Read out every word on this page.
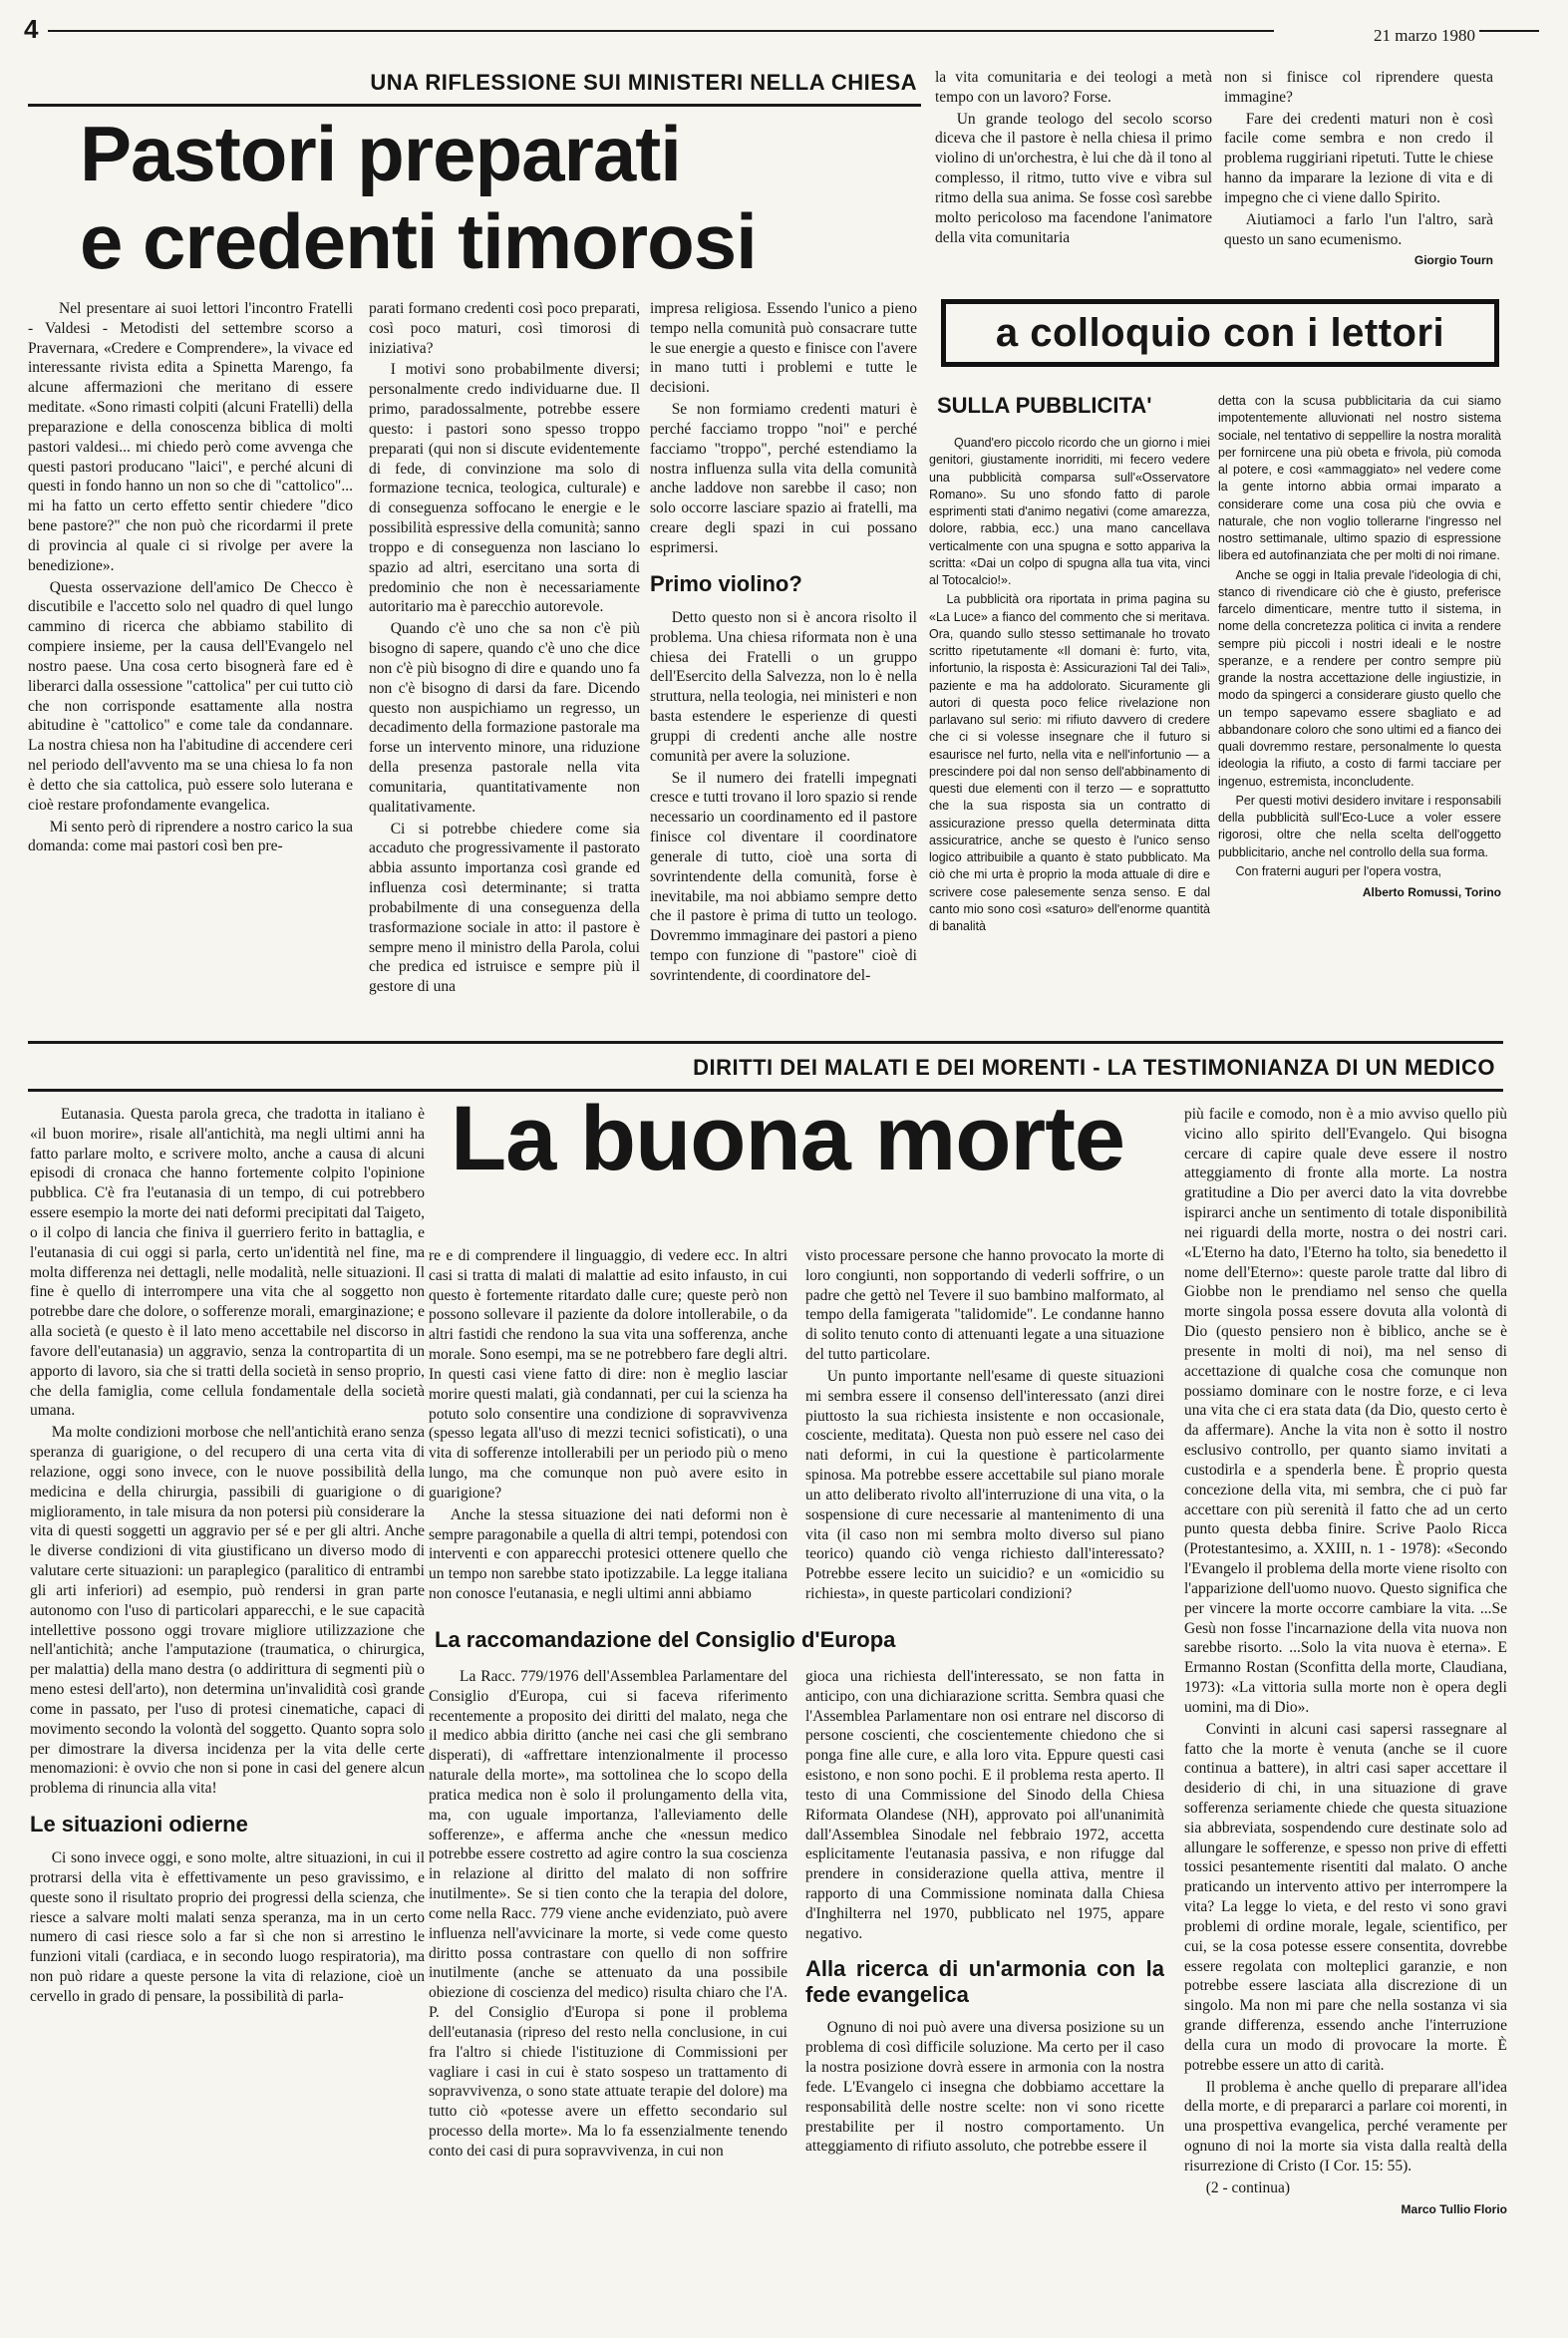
4	21 marzo 1980
UNA RIFLESSIONE SUI MINISTERI NELLA CHIESA
Pastori preparati
e credenti timorosi

Nel presentare ai suoi lettori l'incontro Fratelli - Valdesi - Metodisti del settembre scorso a Pravernara, «Credere e Comprendere», la vivace ed interessante rivista edita a Spinetta Marengo, fa alcune affermazioni che meritano di essere meditate. «Sono rimasti colpiti (alcuni Fratelli) della preparazione e della conoscenza biblica di molti pastori valdesi... mi chiedo però come avvenga che questi pastori producano "laici", e perché alcuni di questi in fondo hanno un non so che di "cattolico"... mi ha fatto un certo effetto sentir chiedere "dico bene pastore?" che non può che ricordarmi il prete di provincia al quale ci si rivolge per avere la benedizione».

Questa osservazione dell'amico De Checco è discutibile e l'accetto solo nel quadro di quel lungo cammino di ricerca che abbiamo stabilito di compiere insieme, per la causa dell'Evangelo nel nostro paese. Una cosa certo bisognerà fare ed è liberarci dalla ossessione "cattolica" per cui tutto ciò che non corrisponde esattamente alla nostra abitudine è "cattolico" e come tale da condannare. La nostra chiesa non ha l'abitudine di accendere ceri nel periodo dell'avvento ma se una chiesa lo fa non è detto che sia cattolica, può essere solo luterana e cioè restare profondamente evangelica.

Mi sento però di riprendere a nostro carico la sua domanda: come mai pastori così ben pre-

parati formano credenti così poco preparati, così poco maturi, così timorosi di iniziativa?

I motivi sono probabilmente diversi; personalmente credo individuarne due. Il primo, paradossalmente, potrebbe essere questo: i pastori sono spesso troppo preparati (qui non si discute evidentemente di fede, di convinzione ma solo di formazione tecnica, teologica, culturale) e di conseguenza soffocano le energie e le possibilità espressive della comunità; sanno troppo e di conseguenza non lasciano lo spazio ad altri, esercitano una sorta di predominio che non è necessariamente autoritario ma è parecchio autorevole.

Quando c'è uno che sa non c'è più bisogno di sapere, quando c'è uno che dice non c'è più bisogno di dire e quando uno fa non c'è bisogno di darsi da fare. Dicendo questo non auspichiamo un regresso, un decadimento della formazione pastorale ma forse un intervento minore, una riduzione della presenza pastorale nella vita comunitaria, quantitativamente non qualitativamente.

Ci si potrebbe chiedere come sia accaduto che progressivamente il pastorato abbia assunto importanza così grande ed influenza così determinante; si tratta probabilmente di una conseguenza della trasformazione sociale in atto: il pastore è sempre meno il ministro della Parola, colui che predica ed istruisce e sempre più il gestore di una

impresa religiosa. Essendo l'unico a pieno tempo nella comunità può consacrare tutte le sue energie a questo e finisce con l'avere in mano tutti i problemi e tutte le decisioni.

Se non formiamo credenti maturi è perché facciamo troppo "noi" e perché facciamo "troppo", perché estendiamo la nostra influenza sulla vita della comunità anche laddove non sarebbe il caso; non solo occorre lasciare spazio ai fratelli, ma creare degli spazi in cui possano esprimersi.

Primo violino?

Detto questo non si è ancora risolto il problema. Una chiesa riformata non è una chiesa dei Fratelli o un gruppo dell'Esercito della Salvezza, non lo è nella struttura, nella teologia, nei ministeri e non basta estendere le esperienze di questi gruppi di credenti anche alle nostre comunità per avere la soluzione.

Se il numero dei fratelli impegnati cresce e tutti trovano il loro spazio si rende necessario un coordinamento ed il pastore finisce col diventare il coordinatore generale di tutto, cioè una sorta di sovrintendente della comunità, forse è inevitabile, ma noi abbiamo sempre detto che il pastore è prima di tutto un teologo. Dovremmo immaginare dei pastori a pieno tempo con funzione di "pastore" cioè di sovrintendente, di coordinatore del-

la vita comunitaria e dei teologi a metà tempo con un lavoro? Forse.

Un grande teologo del secolo scorso diceva che il pastore è nella chiesa il primo violino di un'orchestra, è lui che dà il tono al complesso, il ritmo, tutto vive e vibra sul ritmo della sua anima. Se fosse così sarebbe molto pericoloso ma facendone l'animatore della vita comunitaria

non si finisce col riprendere questa immagine?

Fare dei credenti maturi non è così facile come sembra e non credo il problema ruggiriani ripetuti. Tutte le chiese hanno da imparare la lezione di vita e di impegno che ci viene dallo Spirito.

Aiutiamoci a farlo l'un l'altro, sarà questo un sano ecumenismo.

Giorgio Tourn
a colloquio con i lettori
SULLA PUBBLICITA'

Quand'ero piccolo ricordo che un giorno i miei genitori, giustamente inorriditi, mi fecero vedere una pubblicità comparsa sull'«Osservatore Romano». Su uno sfondo fatto di parole esprimenti stati d'animo negativi (come amarezza, dolore, rabbia, ecc.) una mano cancellava verticalmente con una spugna e sotto appariva la scritta: «Dai un colpo di spugna alla tua vita, vinci al Totocalcio!».

La pubblicità ora riportata in prima pagina su «La Luce» a fianco del commento che si meritava. Ora, quando sullo stesso settimanale ho trovato scritto ripetutamente «Il domani è: furto, vita, infortunio, la risposta è: Assicurazioni Tal dei Tali», paziente e ma ha addolorato. Sicuramente gli autori di questa poco felice rivelazione non parlavano sul serio: mi rifiuto davvero di credere che ci si volesse insegnare che il futuro si esaurisce nel furto, nella vita e nell'infortunio — a prescindere poi dal non senso dell'abbinamento di questi due elementi con il terzo — e soprattutto che la sua risposta sia un contratto di assicurazione presso quella determinata ditta assicuratrice, anche se questo è l'unico senso logico attribuibile a quanto è stato pubblicato. Ma ciò che mi urta è proprio la moda attuale di dire e scrivere cose palesemente senza senso. E dal canto mio sono così «saturo» dell'enorme quantità di banalità

detta con la scusa pubblicitaria da cui siamo impotentemente alluvionati nel nostro sistema sociale, nel tentativo di seppellire la nostra moralità per fornircene una più obeta e frivola, più comoda al potere, e così «ammaggiato» nel vedere come la gente intorno abbia ormai imparato a considerare come una cosa più che ovvia e naturale, che non voglio tollerarne l'ingresso nel nostro settimanale, ultimo spazio di espressione libera ed autofinanziata che per molti di noi rimane.

Anche se oggi in Italia prevale l'ideologia di chi, stanco di rivendicare ciò che è giusto, preferisce farcelo dimenticare, mentre tutto il sistema, in nome della concretezza politica ci invita a rendere sempre più piccoli i nostri ideali e le nostre speranze, e a rendere per contro sempre più grande la nostra accettazione delle ingiustizie, in modo da spingerci a considerare giusto quello che un tempo sapevamo essere sbagliato e ad abbandonare coloro che sono ultimi ed a fianco dei quali dovremmo restare, personalmente lo questa ideologia la rifiuto, a costo di farmi tacciare per ingenuo, estremista, inconcludente.

Per questi motivi desidero invitare i responsabili della pubblicità sull'Eco-Luce a voler essere rigorosi, oltre che nella scelta dell'oggetto pubblicitario, anche nel controllo della sua forma.

Con fraterni auguri per l'opera vostra,

Alberto Romussi, Torino
DIRITTI DEI MALATI E DEI MORENTI - LA TESTIMONIANZA DI UN MEDICO
La buona morte

Eutanasia. Questa parola greca, che tradotta in italiano è «il buon morire», risale all'antichità, ma negli ultimi anni ha fatto parlare molto, e scrivere molto, anche a causa di alcuni episodi di cronaca che hanno fortemente colpito l'opinione pubblica. C'è fra l'eutanasia di un tempo, di cui potrebbero essere esempio la morte dei nati deformi precipitati dal Taigeto, o il colpo di lancia che finiva il guerriero ferito in battaglia, e l'eutanasia di cui oggi si parla, certo un'identità nel fine, ma molta differenza nei dettagli, nelle modalità, nelle situazioni. Il fine è quello di interrompere una vita che al soggetto non potrebbe dare che dolore, o sofferenze morali, emarginazione; e alla società (e questo è il lato meno accettabile nel discorso in favore dell'eutanasia) un aggravio, senza la contropartita di un apporto di lavoro, sia che si tratti della società in senso proprio, che della famiglia, come cellula fondamentale della società umana.

Ma molte condizioni morbose che nell'antichità erano senza speranza di guarigione, o del recupero di una certa vita di relazione, oggi sono invece, con le nuove possibilità della medicina e della chirurgia, passibili di guarigione o di miglioramento, in tale misura da non potersi più considerare la vita di questi soggetti un aggravio per sé e per gli altri. Anche le diverse condizioni di vita giustificano un diverso modo di valutare certe situazioni: un paraplegico (paralitico di entrambi gli arti inferiori) ad esempio, può rendersi in gran parte autonomo con l'uso di particolari apparecchi, e le sue capacità intellettive possono oggi trovare migliore utilizzazione che nell'antichità; anche l'amputazione (traumatica, o chirurgica, per malattia) della mano destra (o addirittura di segmenti più o meno estesi dell'arto), non determina un'invalidità così grande come in passato, per l'uso di protesi cinematiche, capaci di movimento secondo la volontà del soggetto. Quanto sopra solo per dimostrare la diversa incidenza per la vita delle certe menomazioni: è ovvio che non si pone in casi del genere alcun problema di rinuncia alla vita!

Le situazioni odierne

Ci sono invece oggi, e sono molte, altre situazioni, in cui il protrarsi della vita è effettivamente un peso gravissimo, e queste sono il risultato proprio dei progressi della scienza, che riesce a salvare molti malati senza speranza, ma in un certo numero di casi riesce solo a far sì che non si arrestino le funzioni vitali (cardiaca, e in secondo luogo respiratoria), ma non può ridare a queste persone la vita di relazione, cioè un cervello in grado di pensare, la possibilità di parla-

re e di comprendere il linguaggio, di vedere ecc. In altri casi si tratta di malati di malattie ad esito infausto, in cui questo è fortemente ritardato dalle cure; queste però non possono sollevare il paziente da dolore intollerabile, o da altri fastidi che rendono la sua vita una sofferenza, anche morale. Sono esempi, ma se ne potrebbero fare degli altri. In questi casi viene fatto di dire: non è meglio lasciar morire questi malati, già condannati, per cui la scienza ha potuto solo consentire una condizione di sopravvivenza (spesso legata all'uso di mezzi tecnici sofisticati), o una vita di sofferenze intollerabili per un periodo più o meno lungo, ma che comunque non può avere esito in guarigione?

Anche la stessa situazione dei nati deformi non è sempre paragonabile a quella di altri tempi, potendosi con interventi e con apparecchi protesici ottenere quello che un tempo non sarebbe stato ipotizzabile. La legge italiana non conosce l'eutanasia, e negli ultimi anni abbiamo

visto processare persone che hanno provocato la morte di loro congiunti, non sopportando di vederli soffrire, o un padre che gettò nel Tevere il suo bambino malformato, al tempo della famigerata "talidomide". Le condanne hanno di solito tenuto conto di attenuanti legate a una situazione del tutto particolare.

Un punto importante nell'esame di queste situazioni mi sembra essere il consenso dell'interessato (anzi direi piuttosto la sua richiesta insistente e non occasionale, cosciente, meditata). Questa non può essere nel caso dei nati deformi, in cui la questione è particolarmente spinosa. Ma potrebbe essere accettabile sul piano morale un atto deliberato rivolto all'interruzione di una vita, o la sospensione di cure necessarie al mantenimento di una vita (il caso non mi sembra molto diverso sul piano teorico) quando ciò venga richiesto dall'interessato? Potrebbe essere lecito un suicidio? e un «omicidio su richiesta», in queste particolari condizioni?

La raccomandazione del Consiglio d'Europa

La Racc. 779/1976 dell'Assemblea Parlamentare del Consiglio d'Europa, cui si faceva riferimento recentemente a proposito dei diritti del malato, nega che il medico abbia diritto (anche nei casi che gli sembrano disperati), di «affrettare intenzionalmente il processo naturale della morte», ma sottolinea che lo scopo della pratica medica non è solo il prolungamento della vita, ma, con uguale importanza, l'alleviamento delle sofferenze», e afferma anche che «nessun medico potrebbe essere costretto ad agire contro la sua coscienza in relazione al diritto del malato di non soffrire inutilmente». Se si tien conto che la terapia del dolore, come nella Racc. 779 viene anche evidenziato, può avere influenza nell'avvicinare la morte, si vede come questo diritto possa contrastare con quello di non soffrire inutilmente (anche se attenuato da una possibile obiezione di coscienza del medico) risulta chiaro che l'A. P. del Consiglio d'Europa si pone il problema dell'eutanasia (ripreso del resto nella conclusione, in cui fra l'altro si chiede l'istituzione di Commissioni per vagliare i casi in cui è stato sospeso un trattamento di sopravvivenza, o sono state attuate terapie del dolore) ma tutto ciò «potesse avere un effetto secondario sul processo della morte». Ma lo fa essenzialmente tenendo conto dei casi di pura sopravvivenza, in cui non

gioca una richiesta dell'interessato, se non fatta in anticipo, con una dichiarazione scritta. Sembra quasi che l'Assemblea Parlamentare non osi entrare nel discorso di persone coscienti, che coscientemente chiedono che si ponga fine alle cure, e alla loro vita. Eppure questi casi esistono, e non sono pochi. E il problema resta aperto. Il testo di una Commissione del Sinodo della Chiesa Riformata Olandese (NH), approvato poi all'unanimità dall'Assemblea Sinodale nel febbraio 1972, accetta esplicitamente l'eutanasia passiva, e non rifugge dal prendere in considerazione quella attiva, mentre il rapporto di una Commissione nominata dalla Chiesa d'Inghilterra nel 1970, pubblicato nel 1975, appare negativo.

Alla ricerca di un'armonia con la fede evangelica

Ognuno di noi può avere una diversa posizione su un problema di così difficile soluzione. Ma certo per il caso la nostra posizione dovrà essere in armonia con la nostra fede. L'Evangelo ci insegna che dobbiamo accettare la responsabilità delle nostre scelte: non vi sono ricette prestabilite per il nostro comportamento. Un atteggiamento di rifiuto assoluto, che potrebbe essere il

più facile e comodo, non è a mio avviso quello più vicino allo spirito dell'Evangelo. Qui bisogna cercare di capire quale deve essere il nostro atteggiamento di fronte alla morte. La nostra gratitudine a Dio per averci dato la vita dovrebbe ispirarci anche un sentimento di totale disponibilità nei riguardi della morte, nostra o dei nostri cari. «L'Eterno ha dato, l'Eterno ha tolto, sia benedetto il nome dell'Eterno»: queste parole tratte dal libro di Giobbe non le prendiamo nel senso che quella morte singola possa essere dovuta alla volontà di Dio (questo pensiero non è biblico, anche se è presente in molti di noi), ma nel senso di accettazione di qualche cosa che comunque non possiamo dominare con le nostre forze, e ci leva una vita che ci era stata data (da Dio, questo certo è da affermare). Anche la vita non è sotto il nostro esclusivo controllo, per quanto siamo invitati a custodirla e a spenderla bene. È proprio questa concezione della vita, mi sembra, che ci può far accettare con più serenità il fatto che ad un certo punto questa debba finire. Scrive Paolo Ricca (Protestantesimo, a. XXIII, n. 1 - 1978): «Secondo l'Evangelo il problema della morte viene risolto con l'apparizione dell'uomo nuovo. Questo significa che per vincere la morte occorre cambiare la vita. ...Se Gesù non fosse l'incarnazione della vita nuova non sarebbe risorto. ...Solo la vita nuova è eterna». E Ermanno Rostan (Sconfitta della morte, Claudiana, 1973): «La vittoria sulla morte non è opera degli uomini, ma di Dio».

Convinti in alcuni casi sapersi rassegnare al fatto che la morte è venuta (anche se il cuore continua a battere), in altri casi saper accettare il desiderio di chi, in una situazione di grave sofferenza seriamente chiede che questa situazione sia abbreviata, sospendendo cure destinate solo ad allungare le sofferenze, e spesso non prive di effetti tossici pesantemente risentiti dal malato. O anche praticando un intervento attivo per interrompere la vita? La legge lo vieta, e del resto vi sono gravi problemi di ordine morale, legale, scientifico, per cui, se la cosa potesse essere consentita, dovrebbe essere regolata con molteplici garanzie, e non potrebbe essere lasciata alla discrezione di un singolo. Ma non mi pare che nella sostanza vi sia grande differenza, essendo anche l'interruzione della cura un modo di provocare la morte. È potrebbe essere un atto di carità.

Il problema è anche quello di preparare all'idea della morte, e di prepararci a parlare coi morenti, in una prospettiva evangelica, perché veramente per ognuno di noi la morte sia vista dalla realtà della risurrezione di Cristo (I Cor. 15: 55).

(2 - continua)

Marco Tullio Florio
